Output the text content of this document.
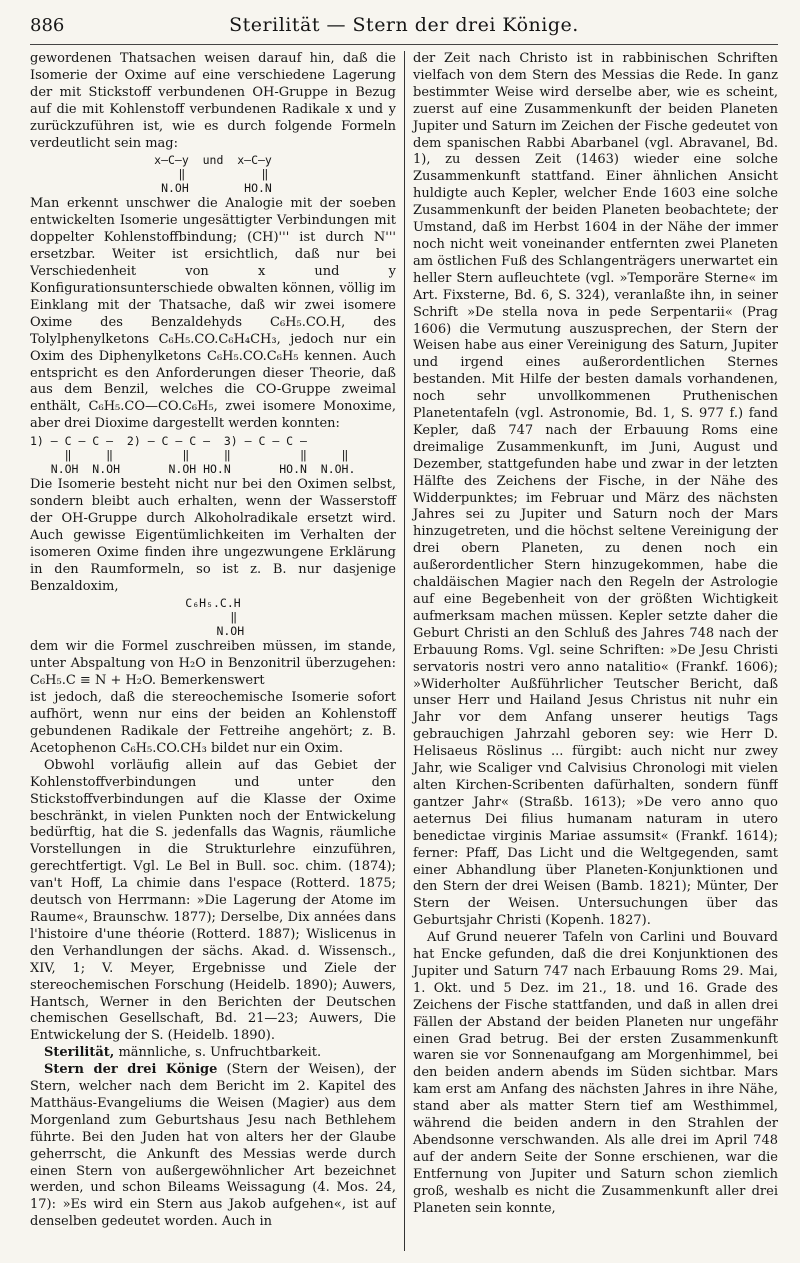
886	Sterilität — Stern der drei Könige.

gewordenen Thatsachen weisen darauf hin, daß die Isomerie der Oxime auf eine verschiedene Lagerung der mit Stickstoff verbundenen OH-Gruppe in Bezug auf die mit Kohlenstoff verbundenen Radikale x und y zurückzuführen ist, wie es durch folgende Formeln verdeutlicht sein mag:

x—C—y  und  x—C—y
‖           ‖
N.OH        HO.N

Man erkennt unschwer die Analogie mit der soeben entwickelten Isomerie ungesättigter Verbindungen mit doppelter Kohlenstoffbindung; (CH)''' ist durch N''' ersetzbar. Weiter ist ersichtlich, daß nur bei Verschiedenheit von x und y Konfigurationsunterschiede obwalten können, völlig im Einklang mit der Thatsache, daß wir zwei isomere Oxime des Benzaldehyds C₆H₅.CO.H, des Tolylphenylketons C₆H₅.CO.C₆H₄CH₃, jedoch nur ein Oxim des Diphenylketons C₆H₅.CO.C₆H₅ kennen. Auch entspricht es den Anforderungen dieser Theorie, daß aus dem Benzil, welches die CO-Gruppe zweimal enthält, C₆H₅.CO—CO.C₆H₅, zwei isomere Monoxime, aber drei Dioxime dargestellt werden konnten:

1) — C — C —  2) — C — C —  3) — C — C —
‖     ‖          ‖     ‖          ‖     ‖
N.OH  N.OH       N.OH HO.N       HO.N  N.OH.

Die Isomerie besteht nicht nur bei den Oximen selbst, sondern bleibt auch erhalten, wenn der Wasserstoff der OH-Gruppe durch Alkoholradikale ersetzt wird. Auch gewisse Eigentümlichkeiten im Verhalten der isomeren Oxime finden ihre ungezwungene Erklärung in den Raumformeln, so ist z. B. nur dasjenige Benzaldoxim,

C₆H₅.C.H
‖
N.OH

dem wir die Formel zuschreiben müssen, im stande, unter Abspaltung von H₂O in Benzonitril überzugehen: C₆H₅.C ≡ N + H₂O. Bemerkenswert

ist jedoch, daß die stereochemische Isomerie sofort aufhört, wenn nur eins der beiden an Kohlenstoff gebundenen Radikale der Fettreihe angehört; z. B. Acetophenon C₆H₅.CO.CH₃ bildet nur ein Oxim.

Obwohl vorläufig allein auf das Gebiet der Kohlenstoffverbindungen und unter den Stickstoffverbindungen auf die Klasse der Oxime beschränkt, in vielen Punkten noch der Entwickelung bedürftig, hat die S. jedenfalls das Wagnis, räumliche Vorstellungen in die Strukturlehre einzuführen, gerechtfertigt. Vgl. Le Bel in Bull. soc. chim. (1874); van't Hoff, La chimie dans l'espace (Rotterd. 1875; deutsch von Herrmann: »Die Lagerung der Atome im Raume«, Braunschw. 1877); Derselbe, Dix années dans l'histoire d'une théorie (Rotterd. 1887); Wislicenus in den Verhandlungen der sächs. Akad. d. Wissensch., XIV, 1; V. Meyer, Ergebnisse und Ziele der stereochemischen Forschung (Heidelb. 1890); Auwers, Hantsch, Werner in den Berichten der Deutschen chemischen Gesellschaft, Bd. 21—23; Auwers, Die Entwickelung der S. (Heidelb. 1890).

Sterilität, männliche, s. Unfruchtbarkeit.

Stern der drei Könige (Stern der Weisen), der Stern, welcher nach dem Bericht im 2. Kapitel des Matthäus-Evangeliums die Weisen (Magier) aus dem Morgenland zum Geburtshaus Jesu nach Bethlehem führte. Bei den Juden hat von alters her der Glaube geherrscht, die Ankunft des Messias werde durch einen Stern von außergewöhnlicher Art bezeichnet werden, und schon Bileams Weissagung (4. Mos. 24, 17): »Es wird ein Stern aus Jakob aufgehen«, ist auf denselben gedeutet worden. Auch in

der Zeit nach Christo ist in rabbinischen Schriften vielfach von dem Stern des Messias die Rede. In ganz bestimmter Weise wird derselbe aber, wie es scheint, zuerst auf eine Zusammenkunft der beiden Planeten Jupiter und Saturn im Zeichen der Fische gedeutet von dem spanischen Rabbi Abarbanel (vgl. Abravanel, Bd. 1), zu dessen Zeit (1463) wieder eine solche Zusammenkunft stattfand. Einer ähnlichen Ansicht huldigte auch Kepler, welcher Ende 1603 eine solche Zusammenkunft der beiden Planeten beobachtete; der Umstand, daß im Herbst 1604 in der Nähe der immer noch nicht weit voneinander entfernten zwei Planeten am östlichen Fuß des Schlangenträgers unerwartet ein heller Stern aufleuchtete (vgl. »Temporäre Sterne« im Art. Fixsterne, Bd. 6, S. 324), veranlaßte ihn, in seiner Schrift »De stella nova in pede Serpentarii« (Prag 1606) die Vermutung auszusprechen, der Stern der Weisen habe aus einer Vereinigung des Saturn, Jupiter und irgend eines außerordentlichen Sternes bestanden. Mit Hilfe der besten damals vorhandenen, noch sehr unvollkommenen Pruthenischen Planetentafeln (vgl. Astronomie, Bd. 1, S. 977 f.) fand Kepler, daß 747 nach der Erbauung Roms eine dreimalige Zusammenkunft, im Juni, August und Dezember, stattgefunden habe und zwar in der letzten Hälfte des Zeichens der Fische, in der Nähe des Widderpunktes; im Februar und März des nächsten Jahres sei zu Jupiter und Saturn noch der Mars hinzugetreten, und die höchst seltene Vereinigung der drei obern Planeten, zu denen noch ein außerordentlicher Stern hinzugekommen, habe die chaldäischen Magier nach den Regeln der Astrologie auf eine Begebenheit von der größten Wichtigkeit aufmerksam machen müssen. Kepler setzte daher die Geburt Christi an den Schluß des Jahres 748 nach der Erbauung Roms. Vgl. seine Schriften: »De Jesu Christi servatoris nostri vero anno natalitio« (Frankf. 1606); »Widerholter Außführlicher Teutscher Bericht, daß unser Herr und Hailand Jesus Christus nit nuhr ein Jahr vor dem Anfang unserer heutigs Tags gebrauchigen Jahrzahl geboren sey: wie Herr D. Helisaeus Röslinus ... fürgibt: auch nicht nur zwey Jahr, wie Scaliger vnd Calvisius Chronologi mit vielen alten Kirchen-Scribenten dafürhalten, sondern fünff gantzer Jahr« (Straßb. 1613); »De vero anno quo aeternus Dei filius humanam naturam in utero benedictae virginis Mariae assumsit« (Frankf. 1614); ferner: Pfaff, Das Licht und die Weltgegenden, samt einer Abhandlung über Planeten-Konjunktionen und den Stern der drei Weisen (Bamb. 1821); Münter, Der Stern der Weisen. Untersuchungen über das Geburtsjahr Christi (Kopenh. 1827).

Auf Grund neuerer Tafeln von Carlini und Bouvard hat Encke gefunden, daß die drei Konjunktionen des Jupiter und Saturn 747 nach Erbauung Roms 29. Mai, 1. Okt. und 5 Dez. im 21., 18. und 16. Grade des Zeichens der Fische stattfanden, und daß in allen drei Fällen der Abstand der beiden Planeten nur ungefähr einen Grad betrug. Bei der ersten Zusammenkunft waren sie vor Sonnenaufgang am Morgenhimmel, bei den beiden andern abends im Süden sichtbar. Mars kam erst am Anfang des nächsten Jahres in ihre Nähe, stand aber als matter Stern tief am Westhimmel, während die beiden andern in den Strahlen der Abendsonne verschwanden. Als alle drei im April 748 auf der andern Seite der Sonne erschienen, war die Entfernung von Jupiter und Saturn schon ziemlich groß, weshalb es nicht die Zusammenkunft aller drei Planeten sein konnte,
